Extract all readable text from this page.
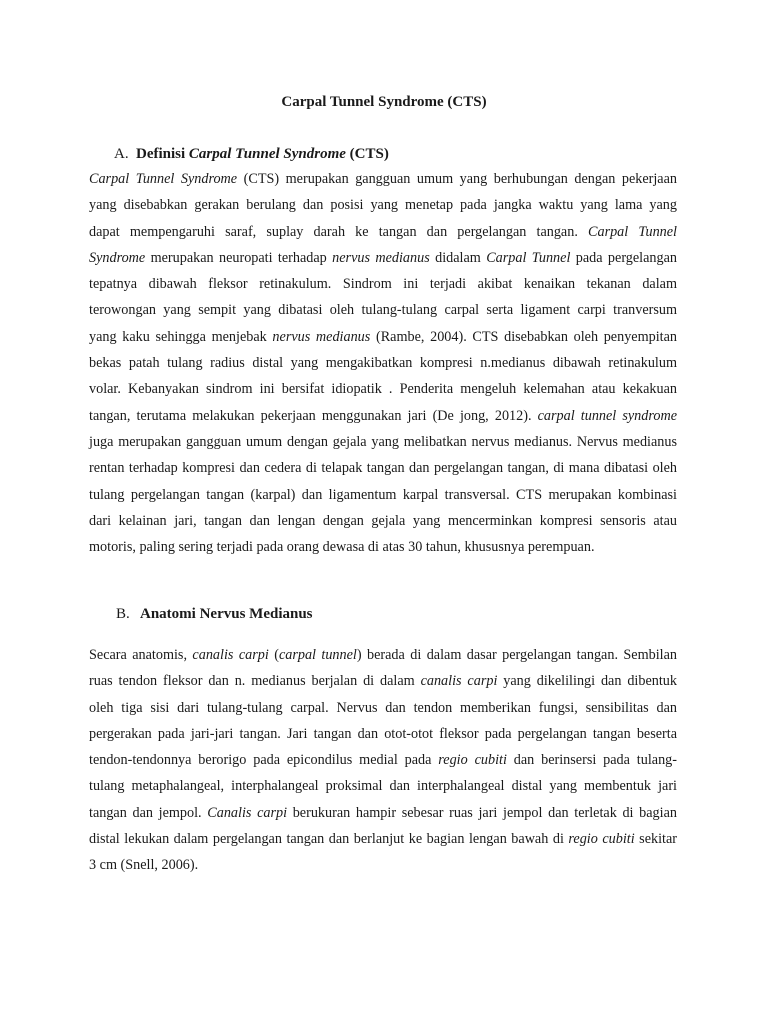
Carpal Tunnel Syndrome (CTS)
A. Definisi Carpal Tunnel Syndrome (CTS)
Carpal Tunnel Syndrome (CTS) merupakan gangguan umum yang berhubungan dengan pekerjaan
yang disebabkan gerakan berulang dan posisi yang menetap pada jangka waktu yang lama yang
dapat mempengaruhi saraf, suplay darah ke tangan dan pergelangan tangan. Carpal Tunnel
Syndrome merupakan neuropati terhadap nervus medianus didalam Carpal Tunnel pada pergelangan
tepatnya dibawah fleksor retinakulum. Sindrom ini terjadi akibat kenaikan tekanan dalam
terowongan yang sempit yang dibatasi oleh tulang-tulang carpal serta ligament carpi tranversum
yang kaku sehingga menjebak nervus medianus (Rambe, 2004). CTS disebabkan oleh penyempitan
bekas patah tulang radius distal yang mengakibatkan kompresi n.medianus dibawah retinakulum
volar. Kebanyakan sindrom ini bersifat idiopatik . Penderita mengeluh kelemahan atau kekakuan
tangan, terutama melakukan pekerjaan menggunakan jari (De jong, 2012). carpal tunnel syndrome
juga merupakan gangguan umum dengan gejala yang melibatkan nervus medianus. Nervus medianus
rentan terhadap kompresi dan cedera di telapak tangan dan pergelangan tangan, di mana dibatasi oleh
tulang pergelangan tangan (karpal) dan ligamentum karpal transversal. CTS merupakan kombinasi
dari kelainan jari, tangan dan lengan dengan gejala yang mencerminkan kompresi sensoris atau
motoris, paling sering terjadi pada orang dewasa di atas 30 tahun, khususnya perempuan.
B. Anatomi Nervus Medianus
Secara anatomis, canalis carpi (carpal tunnel) berada di dalam dasar pergelangan tangan. Sembilan
ruas tendon fleksor dan n. medianus berjalan di dalam canalis carpi yang dikelilingi dan dibentuk
oleh tiga sisi dari tulang-tulang carpal. Nervus dan tendon memberikan fungsi, sensibilitas dan
pergerakan pada jari-jari tangan. Jari tangan dan otot-otot fleksor pada pergelangan tangan beserta
tendon-tendonnya berorigo pada epicondilus medial pada regio cubiti dan berinsersi pada tulang-
tulang metaphalangeal, interphalangeal proksimal dan interphalangeal distal yang membentuk jari
tangan dan jempol. Canalis carpi berukuran hampir sebesar ruas jari jempol dan terletak di bagian
distal lekukan dalam pergelangan tangan dan berlanjut ke bagian lengan bawah di regio cubiti sekitar
3 cm (Snell, 2006).
